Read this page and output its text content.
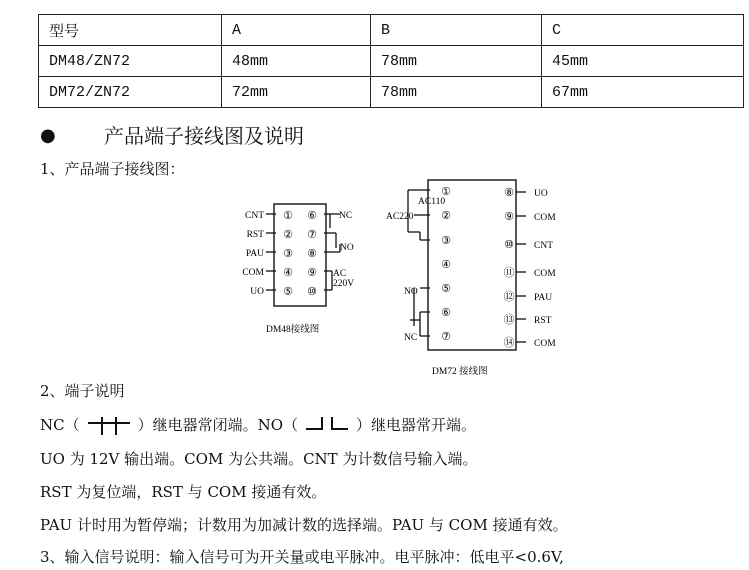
型号	A	B	C
DM48/ZN72	48mm	78mm	45mm
DM72/ZN72	72mm	78mm	67mm
● 产品端子接线图及说明
1、产品端子接线图：
CNT
RST
PAU
COM
UO
①
②
③
④
⑤
⑥
⑦
⑧
⑨
⑩
NC
NO
AC
220V
DM48接线图
AC110
AC220
NO
NC
①
②
③
④
⑤
⑥
⑦
⑧
⑨
⑩
⑪
⑫
⑬
⑭
UO
COM
CNT
COM
PAU
RST
COM
DM72 接线图
2、端子说明
NC（	）继电器常闭端。NO（	）继电器常开端。
UO 为 12V 输出端。COM 为公共端。CNT 为计数信号输入端。
RST 为复位端，RST 与 COM 接通有效。
PAU 计时用为暂停端；计数用为加减计数的选择端。PAU 与 COM 接通有效。
3、输入信号说明：输入信号可为开关量或电平脉冲。电平脉冲：低电平<0.6V,
